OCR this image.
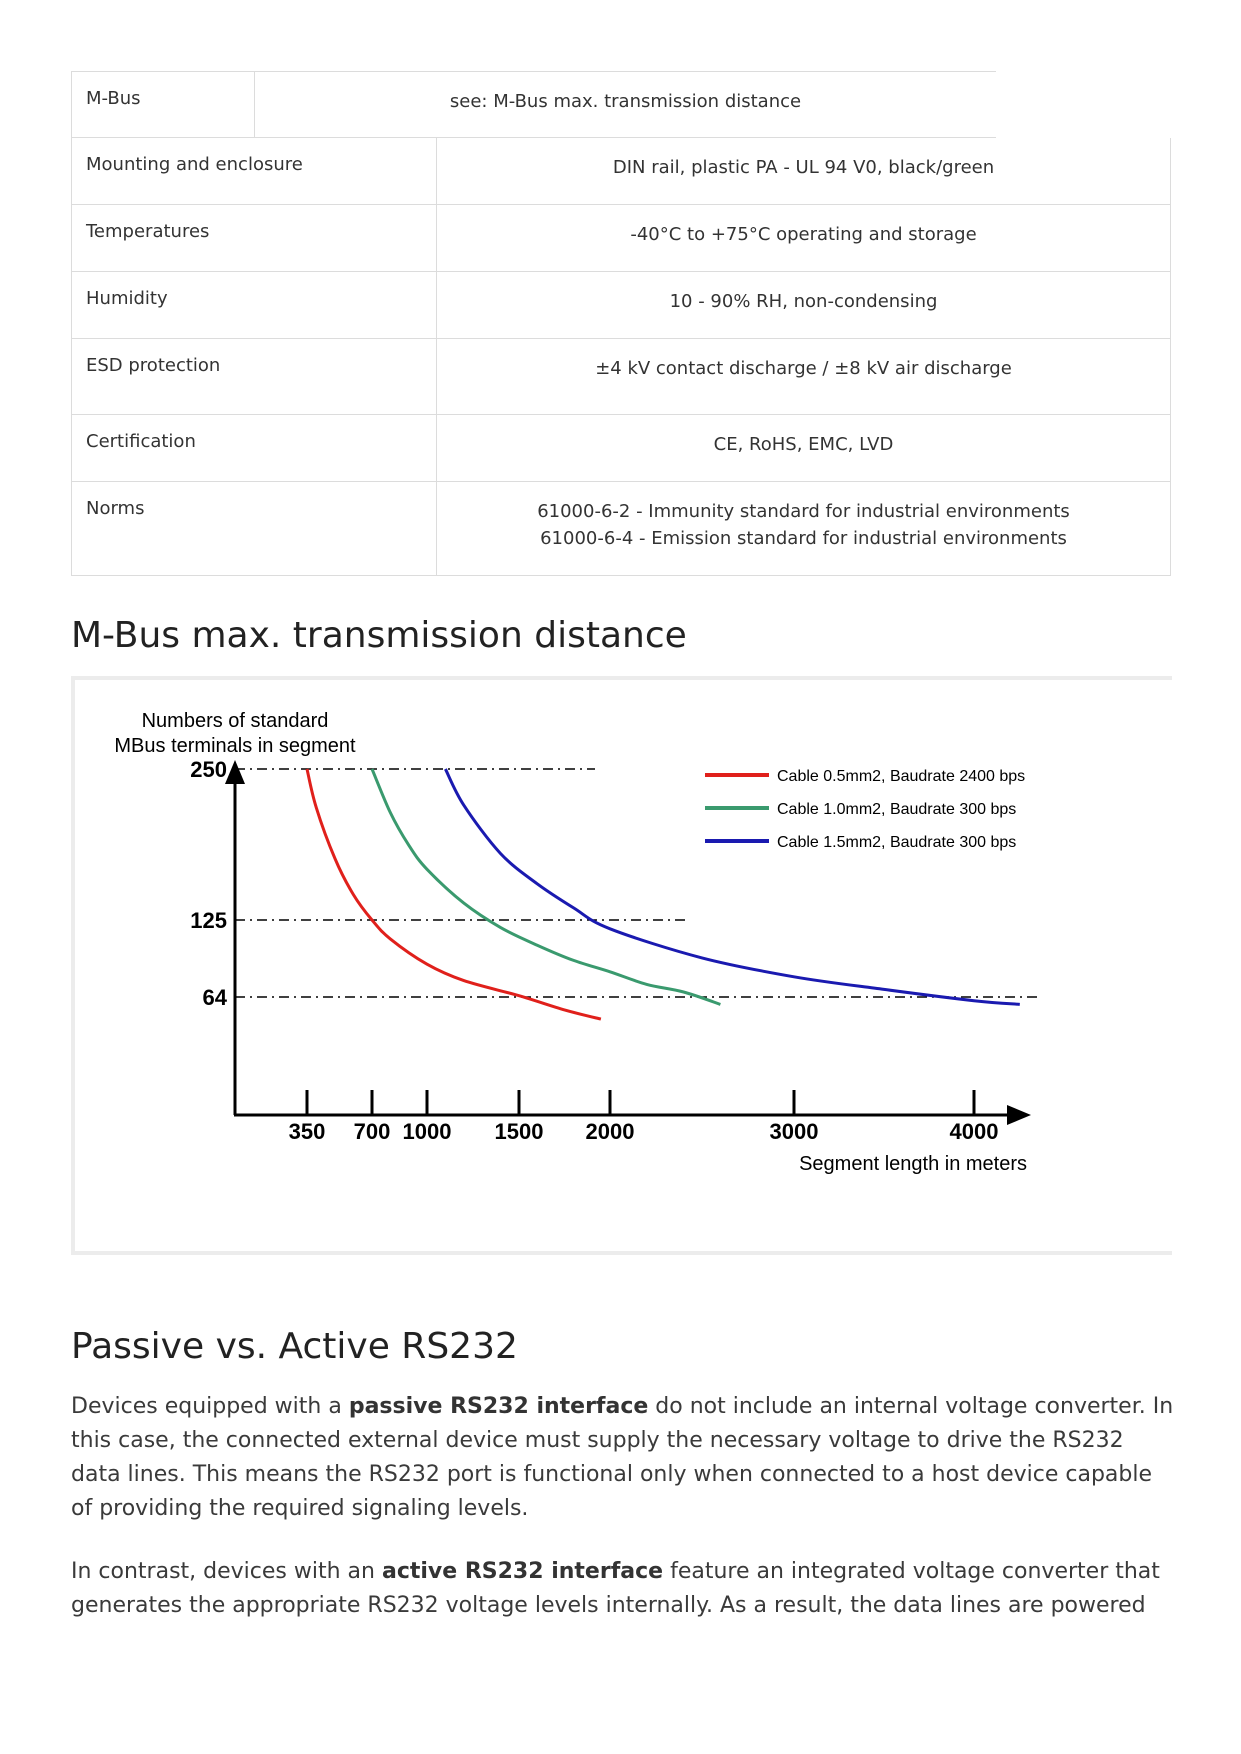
M-Bus	see: M-Bus max. transmission distance
Mounting and enclosure	DIN rail, plastic PA - UL 94 V0, black/green
Temperatures	-40°C to +75°C operating and storage
Humidity	10 - 90% RH, non-condensing
ESD protection	±4 kV contact discharge / ±8 kV air discharge
Certification	CE, RoHS, EMC, LVD
Norms	61000-6-2 - Immunity standard for industrial environments
61000-6-4 - Emission standard for industrial environments
M-Bus max. transmission distance
64
125
250
350 700 1000 1500 2000	3000	4000
Numbers of standard
MBus terminals in segment
Segment length in meters
Cable 0.5mm2, Baudrate 2400 bps
Cable 1.0mm2, Baudrate 300 bps
Cable 1.5mm2, Baudrate 300 bps
Passive vs. Active RS232

Devices equipped with a passive RS232 interface do not include an internal voltage converter. In this case, the connected external device must supply the necessary voltage to drive the RS232 data lines. This means the RS232 port is functional only when connected to a host device capable of providing the required signaling levels.

In contrast, devices with an active RS232 interface feature an integrated voltage converter that generates the appropriate RS232 voltage levels internally. As a result, the data lines are powered
